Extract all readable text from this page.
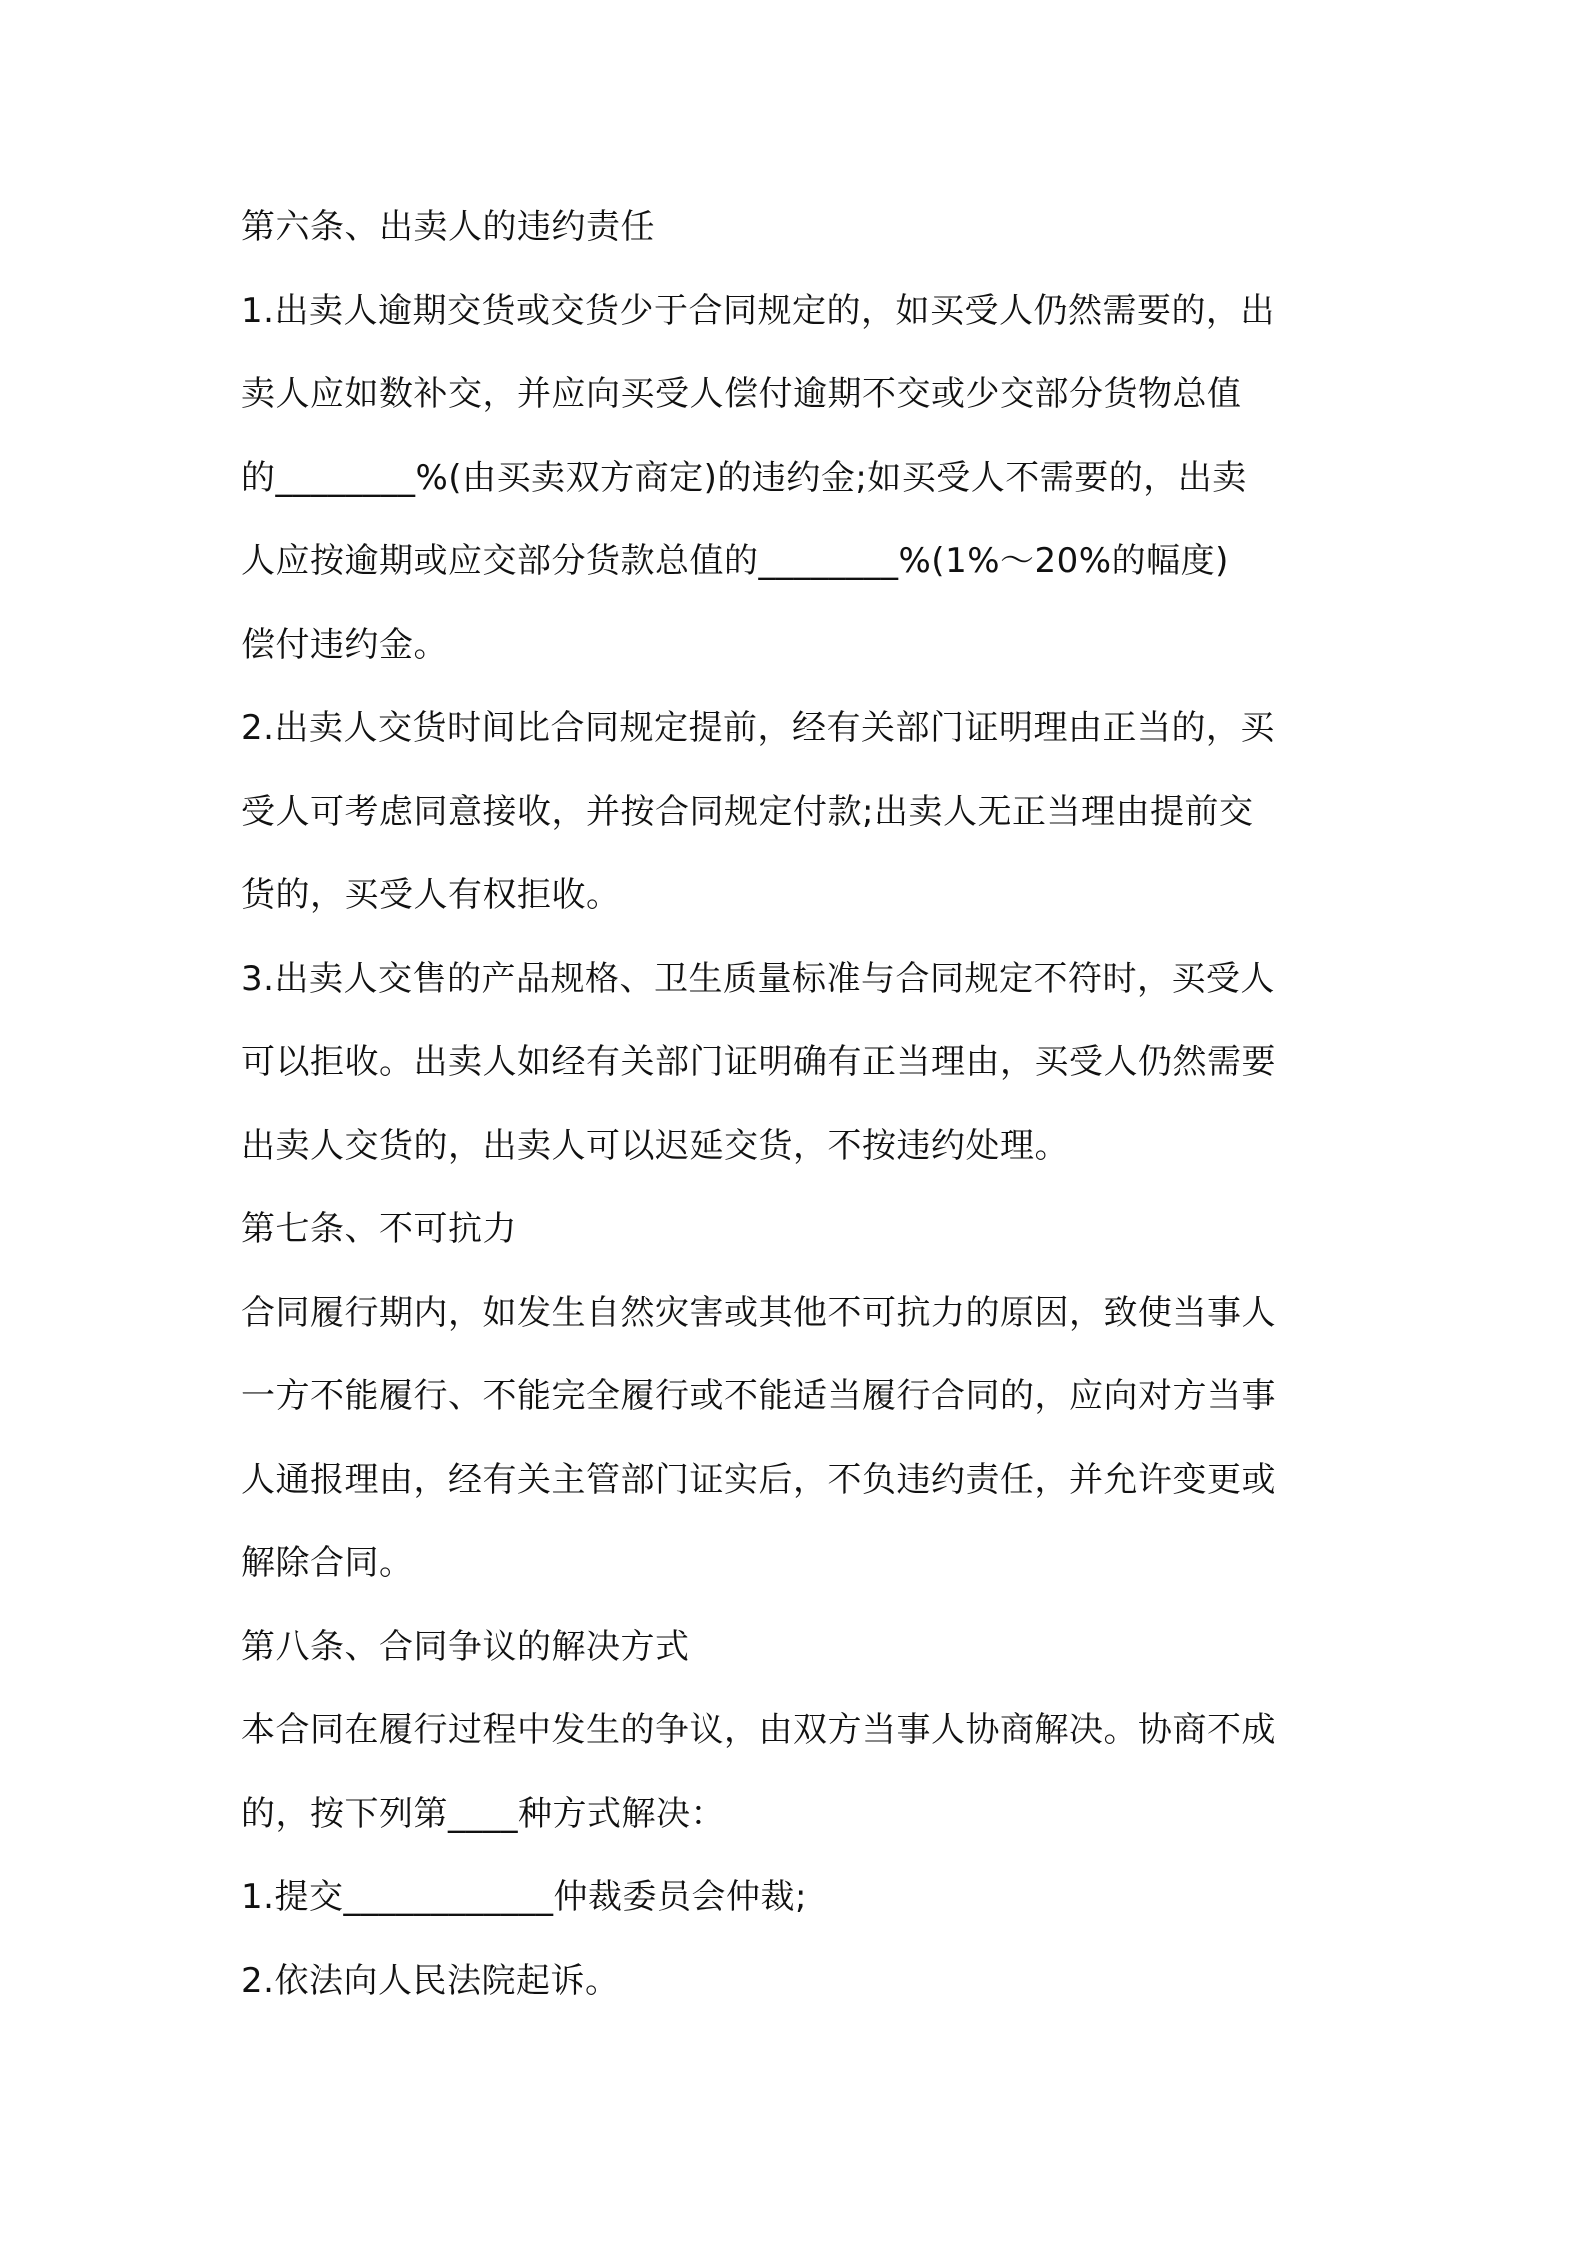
第六条、出卖人的违约责任
1.出卖人逾期交货或交货少于合同规定的，如买受人仍然需要的，出
卖人应如数补交，并应向买受人偿付逾期不交或少交部分货物总值
的________%(由买卖双方商定)的违约金;如买受人不需要的，出卖
人应按逾期或应交部分货款总值的________%(1%～20%的幅度)
偿付违约金。
2.出卖人交货时间比合同规定提前，经有关部门证明理由正当的，买
受人可考虑同意接收，并按合同规定付款;出卖人无正当理由提前交
货的，买受人有权拒收。
3.出卖人交售的产品规格、卫生质量标准与合同规定不符时，买受人
可以拒收。出卖人如经有关部门证明确有正当理由，买受人仍然需要
出卖人交货的，出卖人可以迟延交货，不按违约处理。
第七条、不可抗力
合同履行期内，如发生自然灾害或其他不可抗力的原因，致使当事人
一方不能履行、不能完全履行或不能适当履行合同的，应向对方当事
人通报理由，经有关主管部门证实后，不负违约责任，并允许变更或
解除合同。
第八条、合同争议的解决方式
本合同在履行过程中发生的争议，由双方当事人协商解决。协商不成
的，按下列第____种方式解决：
1.提交____________仲裁委员会仲裁;
2.依法向人民法院起诉。
